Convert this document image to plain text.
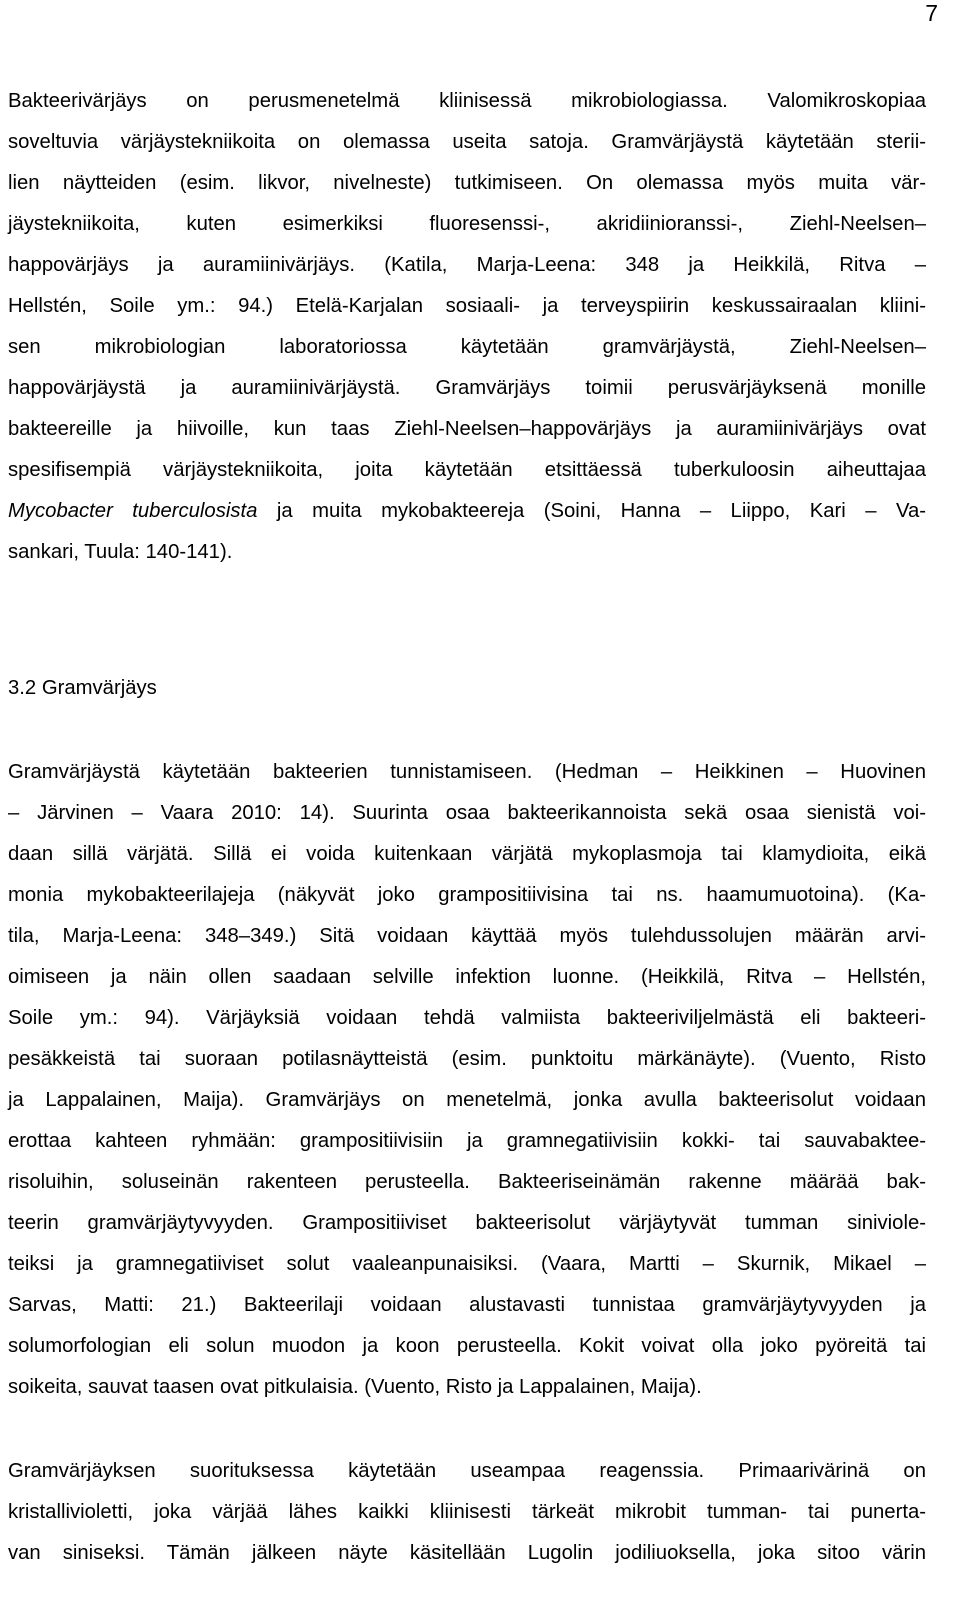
7
Bakteerivärjäys on perusmenetelmä kliinisessä mikrobiologiassa. Valomikroskopiaa
soveltuvia värjäystekniikoita on olemassa useita satoja. Gramvärjäystä käytetään sterii-
lien näytteiden (esim. likvor, nivelneste) tutkimiseen. On olemassa myös muita vär-
jäystekniikoita, kuten esimerkiksi fluoresenssi-, akridiinioranssi-, Ziehl-Neelsen–
happovärjäys ja auramiinivärjäys. (Katila, Marja-Leena: 348 ja Heikkilä, Ritva –
Hellstén, Soile ym.: 94.) Etelä-Karjalan sosiaali- ja terveyspiirin keskussairaalan kliini-
sen mikrobiologian laboratoriossa käytetään gramvärjäystä, Ziehl-Neelsen–
happovärjäystä ja auramiinivärjäystä. Gramvärjäys toimii perusvärjäyksenä monille
bakteereille ja hiivoille, kun taas Ziehl-Neelsen–happovärjäys ja auramiinivärjäys ovat
spesifisempiä värjäystekniikoita, joita käytetään etsittäessä tuberkuloosin aiheuttajaa
Mycobacter tuberculosista ja muita mykobakteereja (Soini, Hanna – Liippo, Kari – Va-
sankari, Tuula: 140-141).
3.2 Gramvärjäys
Gramvärjäystä käytetään bakteerien tunnistamiseen. (Hedman – Heikkinen – Huovinen
– Järvinen – Vaara 2010: 14). Suurinta osaa bakteerikannoista sekä osaa sienistä voi-
daan sillä värjätä. Sillä ei voida kuitenkaan värjätä mykoplasmoja tai klamydioita, eikä
monia mykobakteerilajeja (näkyvät joko grampositiivisina tai ns. haamumuotoina). (Ka-
tila, Marja-Leena: 348–349.) Sitä voidaan käyttää myös tulehdussolujen määrän arvi-
oimiseen ja näin ollen saadaan selville infektion luonne. (Heikkilä, Ritva – Hellstén,
Soile ym.: 94). Värjäyksiä voidaan tehdä valmiista bakteeriviljelmästä eli bakteeri-
pesäkkeistä tai suoraan potilasnäytteistä (esim. punktoitu märkänäyte). (Vuento, Risto
ja Lappalainen, Maija). Gramvärjäys on menetelmä, jonka avulla bakteerisolut voidaan
erottaa kahteen ryhmään: grampositiivisiin ja gramnegatiivisiin kokki- tai sauvabaktee-
risoluihin, soluseinän rakenteen perusteella. Bakteeriseinämän rakenne määrää bak-
teerin gramvärjäytyvyyden. Grampositiiviset bakteerisolut värjäytyvät tumman siniviole-
teiksi ja gramnegatiiviset solut vaaleanpunaisiksi. (Vaara, Martti – Skurnik, Mikael –
Sarvas, Matti: 21.) Bakteerilaji voidaan alustavasti tunnistaa gramvärjäytyvyyden ja
solumorfologian eli solun muodon ja koon perusteella. Kokit voivat olla joko pyöreitä tai
soikeita, sauvat taasen ovat pitkulaisia. (Vuento, Risto ja Lappalainen, Maija).
Gramvärjäyksen suorituksessa käytetään useampaa reagenssia. Primaarivärinä on
kristallivioletti, joka värjää lähes kaikki kliinisesti tärkeät mikrobit tumman- tai punerta-
van siniseksi. Tämän jälkeen näyte käsitellään Lugolin jodiliuoksella, joka sitoo värin
